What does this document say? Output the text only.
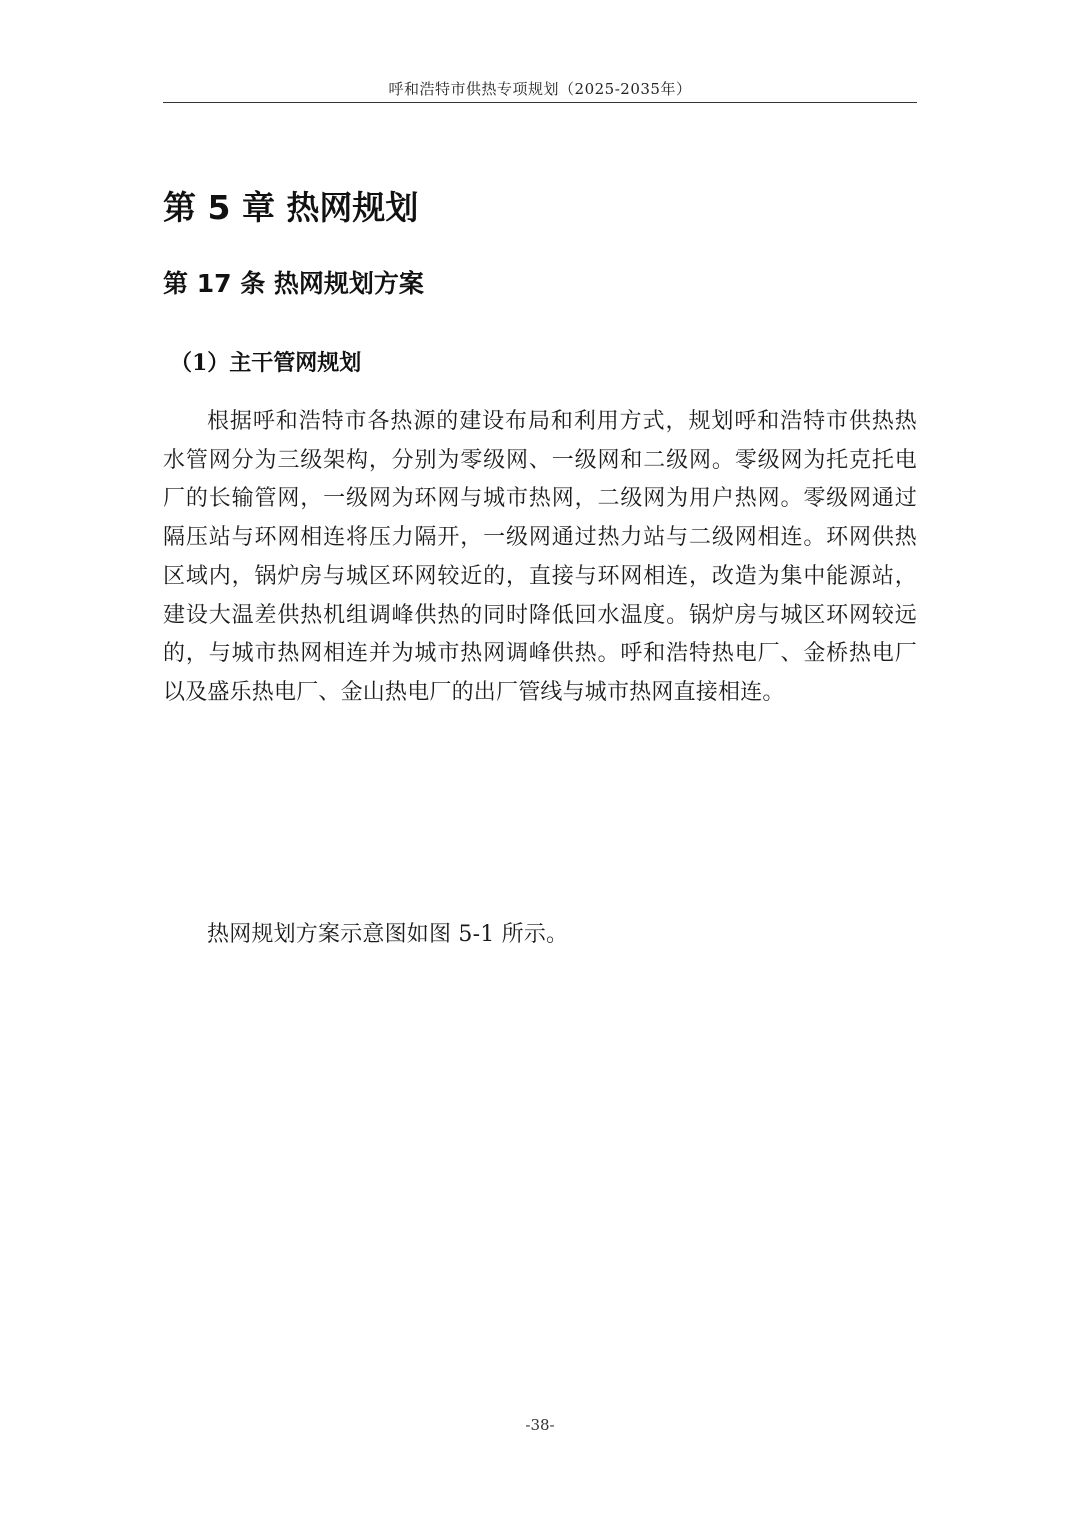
呼和浩特市供热专项规划（2025-2035年）
第 5 章 热网规划
第 17 条 热网规划方案
（1）主干管网规划

根据呼和浩特市各热源的建设布局和利用方式，规划呼和浩特市供热热水管网分为三级架构，分别为零级网、一级网和二级网。零级网为托克托电厂的长输管网，一级网为环网与城市热网，二级网为用户热网。零级网通过隔压站与环网相连将压力隔开，一级网通过热力站与二级网相连。环网供热区域内，锅炉房与城区环网较近的，直接与环网相连，改造为集中能源站，建设大温差供热机组调峰供热的同时降低回水温度。锅炉房与城区环网较远的，与城市热网相连并为城市热网调峰供热。呼和浩特热电厂、金桥热电厂以及盛乐热电厂、金山热电厂的出厂管线与城市热网直接相连。

热网规划方案示意图如图 5-1 所示。

-38-
